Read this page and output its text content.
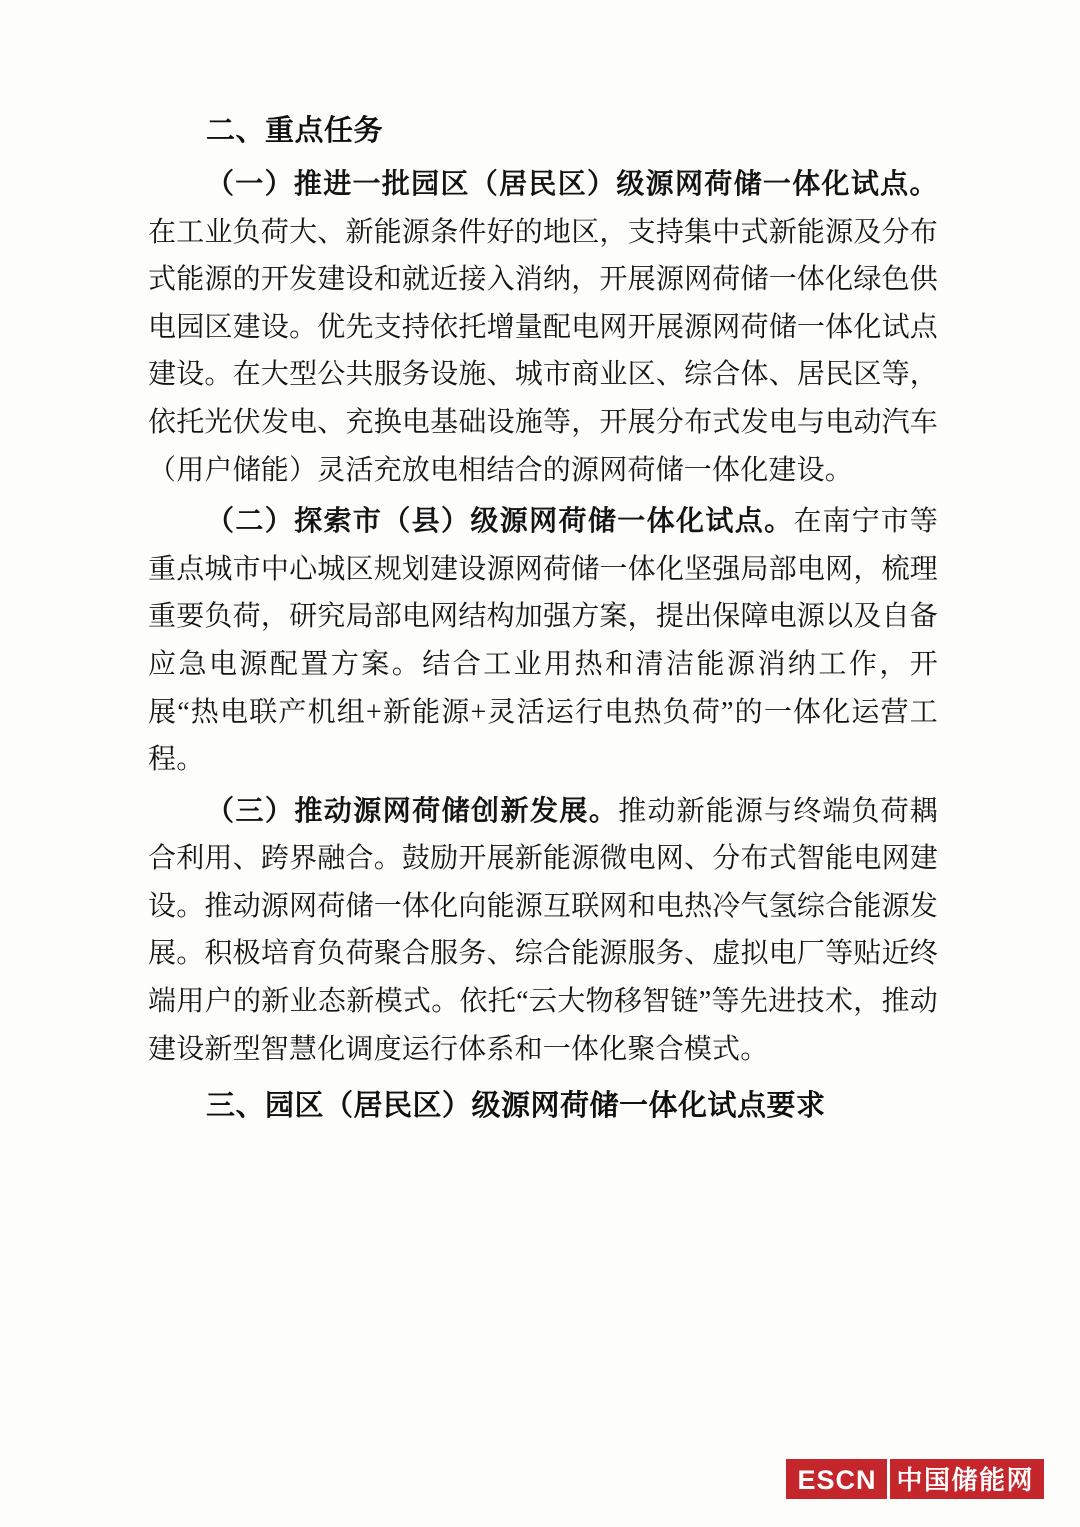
二、重点任务

（一）推进一批园区（居民区）级源网荷储一体化试点。在工业负荷大、新能源条件好的地区，支持集中式新能源及分布式能源的开发建设和就近接入消纳，开展源网荷储一体化绿色供电园区建设。优先支持依托增量配电网开展源网荷储一体化试点建设。在大型公共服务设施、城市商业区、综合体、居民区等，依托光伏发电、充换电基础设施等，开展分布式发电与电动汽车（用户储能）灵活充放电相结合的源网荷储一体化建设。

（二）探索市（县）级源网荷储一体化试点。在南宁市等重点城市中心城区规划建设源网荷储一体化坚强局部电网，梳理重要负荷，研究局部电网结构加强方案，提出保障电源以及自备应急电源配置方案。结合工业用热和清洁能源消纳工作，开展“热电联产机组+新能源+灵活运行电热负荷”的一体化运营工程。

（三）推动源网荷储创新发展。推动新能源与终端负荷耦合利用、跨界融合。鼓励开展新能源微电网、分布式智能电网建设。推动源网荷储一体化向能源互联网和电热冷气氢综合能源发展。积极培育负荷聚合服务、综合能源服务、虚拟电厂等贴近终端用户的新业态新模式。依托“云大物移智链”等先进技术，推动建设新型智慧化调度运行体系和一体化聚合模式。

三、园区（居民区）级源网荷储一体化试点要求
ESCN 中国储能网
